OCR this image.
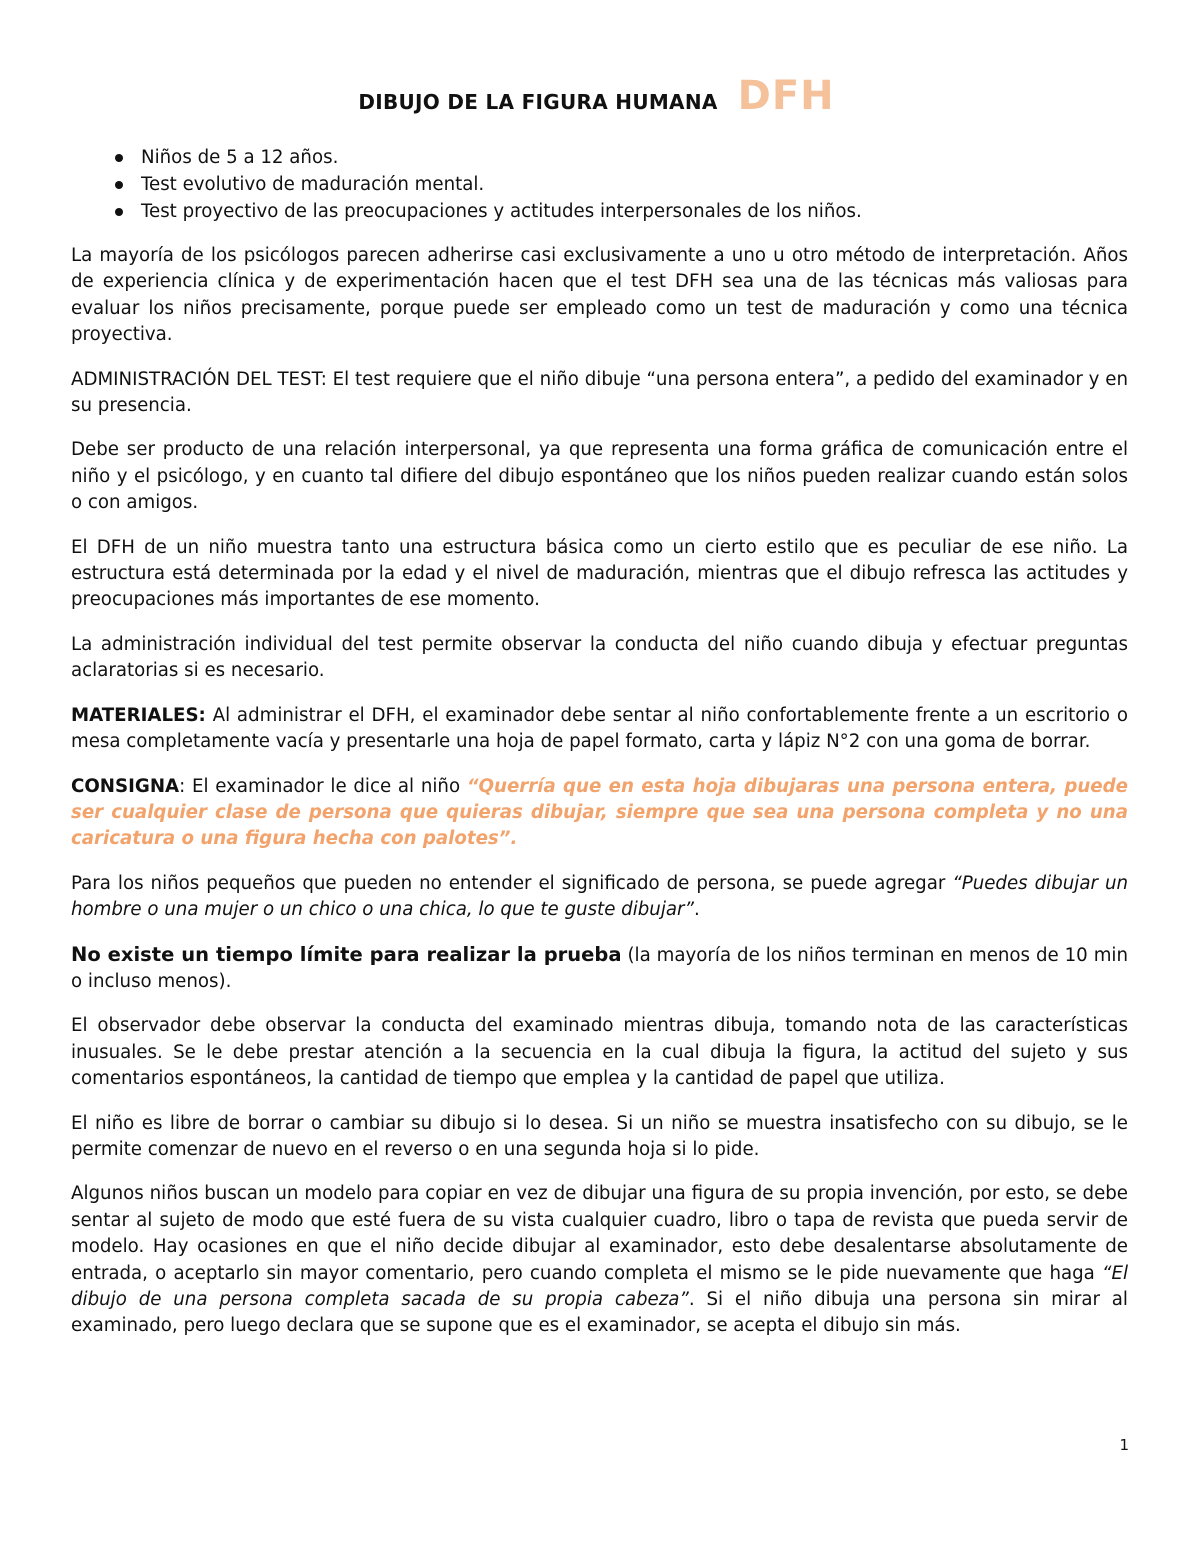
DIBUJO DE LA FIGURA HUMANA DFH
Niños de 5 a 12 años.
Test evolutivo de maduración mental.
Test proyectivo de las preocupaciones y actitudes interpersonales de los niños.

La mayoría de los psicólogos parecen adherirse casi exclusivamente a uno u otro método de interpretación. Años de experiencia clínica y de experimentación hacen que el test DFH sea una de las técnicas más valiosas para evaluar los niños precisamente, porque puede ser empleado como un test de maduración y como una técnica proyectiva.

ADMINISTRACIÓN DEL TEST: El test requiere que el niño dibuje “una persona entera”, a pedido del examinador y en su presencia.

Debe ser producto de una relación interpersonal, ya que representa una forma gráfica de comunicación entre el niño y el psicólogo, y en cuanto tal difiere del dibujo espontáneo que los niños pueden realizar cuando están solos o con amigos.

El DFH de un niño muestra tanto una estructura básica como un cierto estilo que es peculiar de ese niño. La estructura está determinada por la edad y el nivel de maduración, mientras que el dibujo refresca las actitudes y preocupaciones más importantes de ese momento.

La administración individual del test permite observar la conducta del niño cuando dibuja y efectuar preguntas aclaratorias si es necesario.

MATERIALES: Al administrar el DFH, el examinador debe sentar al niño confortablemente frente a un escritorio o mesa completamente vacía y presentarle una hoja de papel formato, carta y lápiz N°2 con una goma de borrar.

CONSIGNA: El examinador le dice al niño “Querría que en esta hoja dibujaras una persona entera, puede ser cualquier clase de persona que quieras dibujar, siempre que sea una persona completa y no una caricatura o una figura hecha con palotes”.

Para los niños pequeños que pueden no entender el significado de persona, se puede agregar “Puedes dibujar un hombre o una mujer o un chico o una chica, lo que te guste dibujar”.

No existe un tiempo límite para realizar la prueba (la mayoría de los niños terminan en menos de 10 min o incluso menos).

El observador debe observar la conducta del examinado mientras dibuja, tomando nota de las características inusuales. Se le debe prestar atención a la secuencia en la cual dibuja la figura, la actitud del sujeto y sus comentarios espontáneos, la cantidad de tiempo que emplea y la cantidad de papel que utiliza.

El niño es libre de borrar o cambiar su dibujo si lo desea. Si un niño se muestra insatisfecho con su dibujo, se le permite comenzar de nuevo en el reverso o en una segunda hoja si lo pide.

Algunos niños buscan un modelo para copiar en vez de dibujar una figura de su propia invención, por esto, se debe sentar al sujeto de modo que esté fuera de su vista cualquier cuadro, libro o tapa de revista que pueda servir de modelo. Hay ocasiones en que el niño decide dibujar al examinador, esto debe desalentarse absolutamente de entrada, o aceptarlo sin mayor comentario, pero cuando completa el mismo se le pide nuevamente que haga “El dibujo de una persona completa sacada de su propia cabeza”. Si el niño dibuja una persona sin mirar al examinado, pero luego declara que se supone que es el examinador, se acepta el dibujo sin más.

1
